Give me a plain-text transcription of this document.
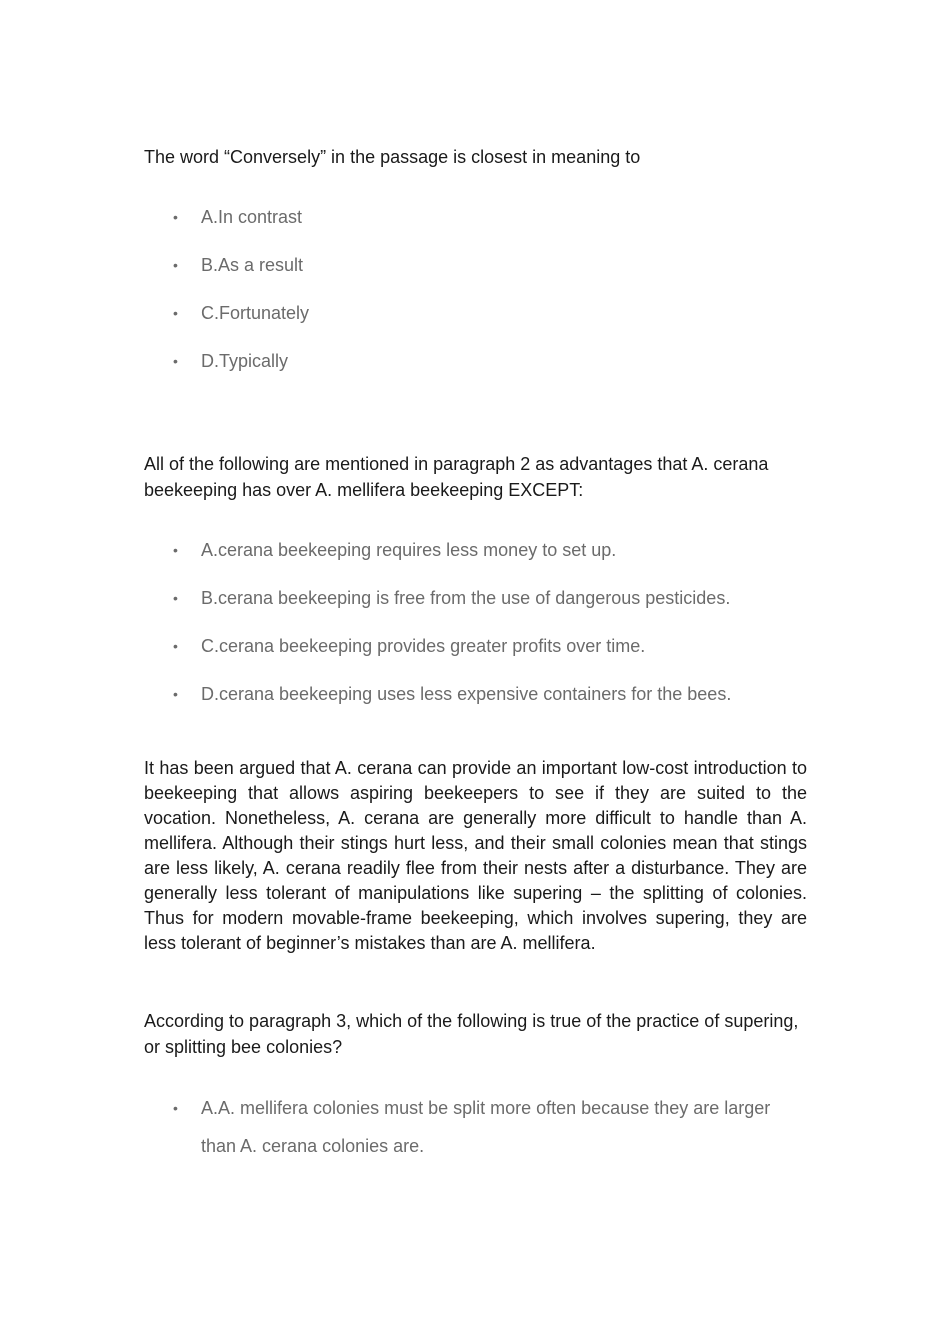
The word “Conversely” in the passage is closest in meaning to
• A.In contrast
• B.As a result
• C.Fortunately
• D.Typically
All of the following are mentioned in paragraph 2 as advantages that A. cerana beekeeping has over A. mellifera beekeeping EXCEPT:
• A.cerana beekeeping requires less money to set up.
• B.cerana beekeeping is free from the use of dangerous pesticides.
• C.cerana beekeeping provides greater profits over time.
• D.cerana beekeeping uses less expensive containers for the bees.
It has been argued that A. cerana can provide an important low-cost introduction to beekeeping that allows aspiring beekeepers to see if they are suited to the vocation. Nonetheless, A. cerana are generally more difficult to handle than A. mellifera. Although their stings hurt less, and their small colonies mean that stings are less likely, A. cerana readily flee from their nests after a disturbance. They are generally less tolerant of manipulations like supering – the splitting of colonies. Thus for modern movable-frame beekeeping, which involves supering, they are less tolerant of beginner’s mistakes than are A. mellifera.
According to paragraph 3, which of the following is true of the practice of supering, or splitting bee colonies?
• A.A. mellifera colonies must be split more often because they are larger than A. cerana colonies are.
